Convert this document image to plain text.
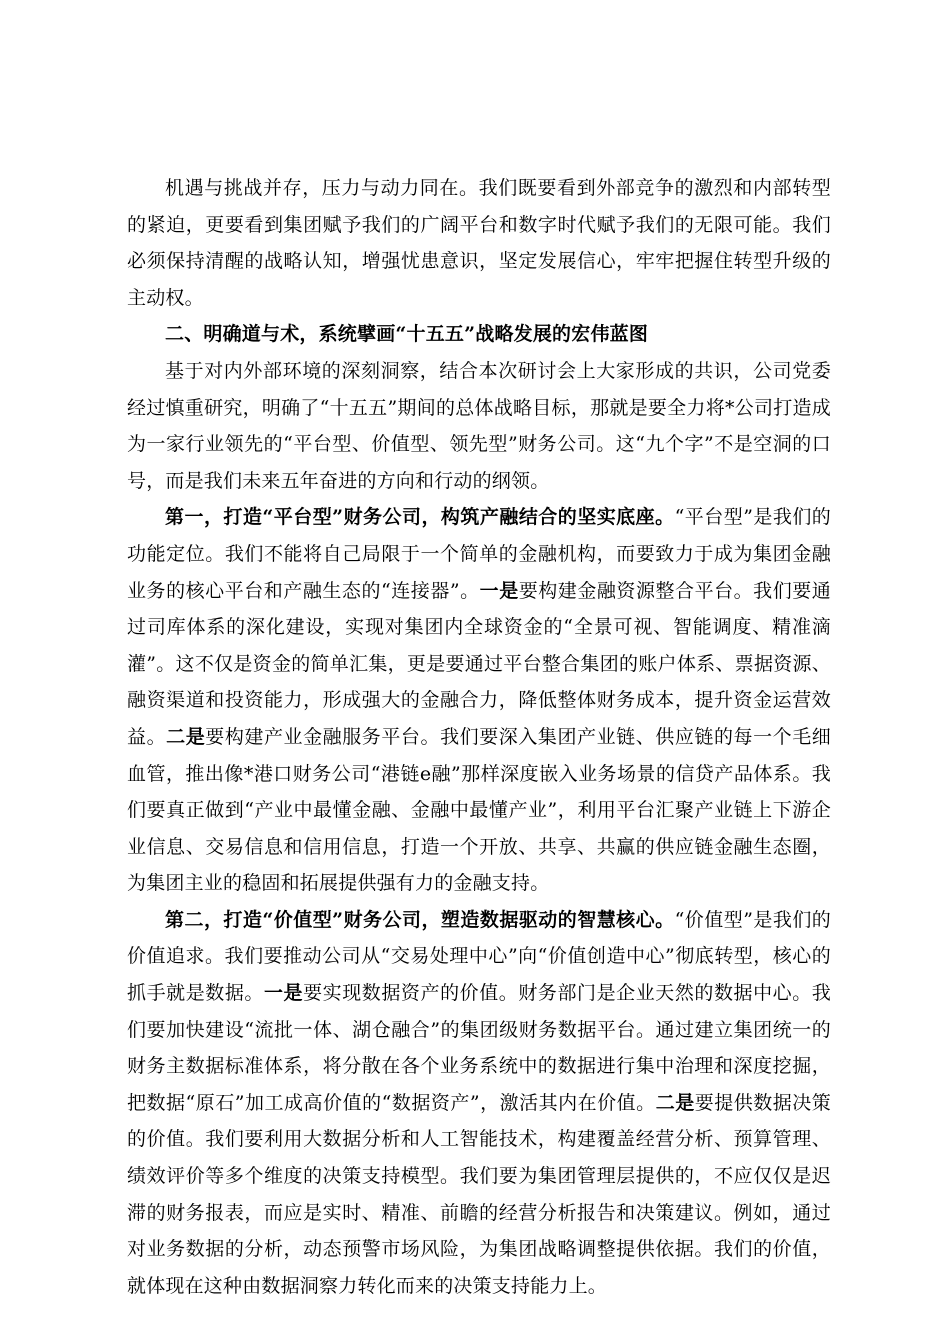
机遇与挑战并存，压力与动力同在。我们既要看到外部竞争的激烈和内部转型的紧迫，更要看到集团赋予我们的广阔平台和数字时代赋予我们的无限可能。我们必须保持清醒的战略认知，增强忧患意识，坚定发展信心，牢牢把握住转型升级的主动权。

二、明确道与术，系统擘画“十五五”战略发展的宏伟蓝图

基于对内外部环境的深刻洞察，结合本次研讨会上大家形成的共识，公司党委经过慎重研究，明确了“十五五”期间的总体战略目标，那就是要全力将*公司打造成为一家行业领先的“平台型、价值型、领先型”财务公司。这“九个字”不是空洞的口号，而是我们未来五年奋进的方向和行动的纲领。

第一，打造“平台型”财务公司，构筑产融结合的坚实底座。“平台型”是我们的功能定位。我们不能将自己局限于一个简单的金融机构，而要致力于成为集团金融业务的核心平台和产融生态的“连接器”。一是要构建金融资源整合平台。我们要通过司库体系的深化建设，实现对集团内全球资金的“全景可视、智能调度、精准滴灌”。这不仅是资金的简单汇集，更是要通过平台整合集团的账户体系、票据资源、融资渠道和投资能力，形成强大的金融合力，降低整体财务成本，提升资金运营效益。二是要构建产业金融服务平台。我们要深入集团产业链、供应链的每一个毛细血管，推出像*港口财务公司“港链e融”那样深度嵌入业务场景的信贷产品体系。我们要真正做到“产业中最懂金融、金融中最懂产业”，利用平台汇聚产业链上下游企业信息、交易信息和信用信息，打造一个开放、共享、共赢的供应链金融生态圈，为集团主业的稳固和拓展提供强有力的金融支持。

第二，打造“价值型”财务公司，塑造数据驱动的智慧核心。“价值型”是我们的价值追求。我们要推动公司从“交易处理中心”向“价值创造中心”彻底转型，核心的抓手就是数据。一是要实现数据资产的价值。财务部门是企业天然的数据中心。我们要加快建设“流批一体、湖仓融合”的集团级财务数据平台。通过建立集团统一的财务主数据标准体系，将分散在各个业务系统中的数据进行集中治理和深度挖掘，把数据“原石”加工成高价值的“数据资产”，激活其内在价值。二是要提供数据决策的价值。我们要利用大数据分析和人工智能技术，构建覆盖经营分析、预算管理、绩效评价等多个维度的决策支持模型。我们要为集团管理层提供的，不应仅仅是迟滞的财务报表，而应是实时、精准、前瞻的经营分析报告和决策建议。例如，通过对业务数据的分析，动态预警市场风险，为集团战略调整提供依据。我们的价值，就体现在这种由数据洞察力转化而来的决策支持能力上。
